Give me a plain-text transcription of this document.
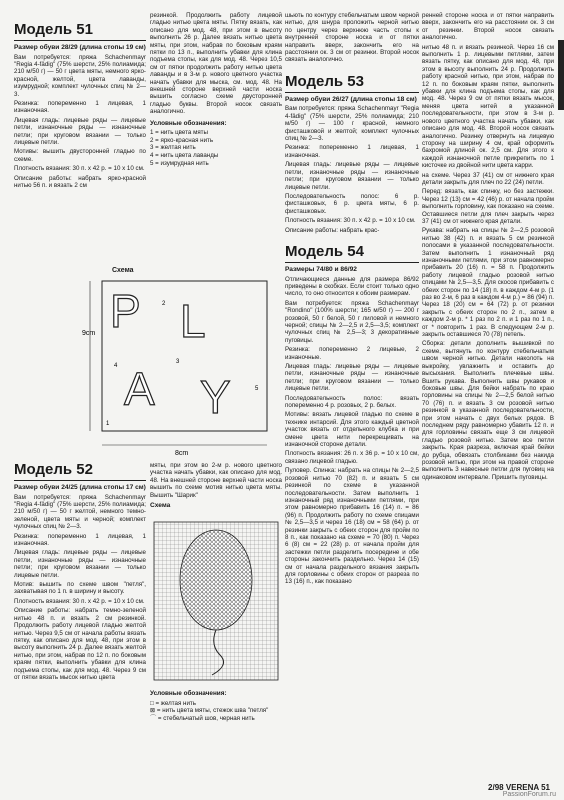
Модель 51
Размер обуви 28/29 (длина стопы 19 см)

Вам потребуется: пряжа Schachenmayr "Regia 4-fädig" (75% шерсти, 25% полиамида; 210 м/50 г) — 50 г цвета мяты, немного ярко-красной, желтой, цвета лаванды, изумрудной; комплект чулочных спиц № 2—3.

Резинка: попеременно 1 лицевая, 1 изнаночная.

Лицевая гладь: лицевые ряды — лицевые петли, изнаночные ряды — изнаночные петли; при круговом вязании — только лицевые петли.

Мотивы: вышить двусторонней гладью по схеме.

Плотность вязания: 30 п. х 42 р. = 10 х 10 см.

Описание работы: набрать ярко-красной нитью 56 п. и вязать 2 см

резинкой. Продолжить работу лицевой гладью нитью цвета мяты. Пятку вязать, как описано для мод. 48, при этом в высоту выполнить 26 р. Далее вязать нитью цвета мяты, при этом, набрав по боковым краям пятки по 13 п., выполнить убавки для клина подъема стопы, как для мод. 48. Через 10,5 см от пятки продолжить работу нитью цвета лаванды и в 3-м р. нового цветного участка начать убавки для мыска, см. мод. 48. На внешней стороне верхней части носка вышить согласно схеме двусторонней гладью буквы. Второй носок связать аналогично.

Условные обозначения:
1 = нить цвета мяты
2 = ярко-красная нить
3 = желтая нить
4 = нить цвета лаванды
5 = изумрудная нить
Схема
9cm
8cm
P L
A Y
2
3
4
5
1
Модель 52
Размер обуви 24/25 (длина стопы 17 см)

Вам потребуется: пряжа Schachenmayr "Regia 4-fädig" (75% шерсти, 25% полиамида; 210 м/50 г) — 50 г желтой, немного темно-зеленой, цвета мяты и черной; комплект чулочных спиц № 2—3.

Резинка: попеременно 1 лицевая, 1 изнаночная.

Лицевая гладь: лицевые ряды — лицевые петли, изнаночные ряды — изнаночные петли; при круговом вязании — только лицевые петли.

Мотив: вышить по схеме швом "петля", захватывая по 1 п. в ширину и высоту.

Плотность вязания: 30 п. х 42 р. = 10 х 10 см.

Описание работы: набрать темно-зеленой нитью 48 п. и вязать 2 см резинкой. Продолжить работу лицевой гладью желтой нитью. Через 9,5 см от начала работы вязать пятку, как описано для мод. 48, при этом в высоту выполнить 24 р. Далее вязать желтой нитью, при этом, набрав по 12 п. по боковым краям пятки, выполнить убавки для клина подъема стопы, как для мод. 48. Через 9 см от пятки вязать мысок нитью цвета

мяты, при этом во 2-м р. нового цветного участка начать убавки, как описано для мод. 48. На внешней стороне верхней части носка вышить по схеме мотив нитью цвета мяты. Вышить "Шарик"

Схема
Условные обозначения:
□ = желтая нить
⊠ = нить цвета мяты, стежок шва "петля"
⌒ = стебельчатый шов, черная нить

шьють по контуру стебельчатым швом черной нитью, для шнура проложить черной нитью по центру через верхнюю часть стопы к внутренней стороне носка и от пятки направить вверх, закончить его на расстоянии ок. 3 см от резинки. Второй носок связать аналогично.

Модель 53
Размер обуви 26/27 (длина стопы 18 см)

Вам потребуется: пряжа Schachenmayr "Regia 4-fädig" (75% шерсти, 25% полиамида; 210 м/50 г) — 100 г красной, немного фисташковой и желтой; комплект чулочных спиц № 2—3.

Резинка: попеременно 1 лицевая, 1 изнаночная.

Лицевая гладь: лицевые ряды — лицевые петли, изнаночные ряды — изнаночные петли; при круговом вязании — только лицевые петли.

Последовательность полос: 6 р. фисташковых, 6 р. цвета мяты, 6 р. фисташковых.

Плотность вязания: 30 п. х 42 р. = 10 х 10 см.

Описание работы: набрать крас-

Модель 54
Размеры 74/80 и 86/92

Отличающиеся данные для размера 86/92 приведены в скобках. Если стоит только одно число, то оно относится к обоим размерам.

Вам потребуется: пряжа Schachenmayr "Rondino" (100% шерсти; 165 м/50 г) — 200 г розовой, 50 г белой, 50 г лиловой и немного черной; спицы № 2—2,5 и 2,5—3,5; комплект чулочных спиц № 2,5—3; 3 декоративные пуговицы.

Резинка: попеременно 2 лицевые, 2 изнаночные.

Лицевая гладь: лицевые ряды — лицевые петли, изнаночные ряды — изнаночные петли; при круговом вязании — только лицевые петли.

Последовательность полос: вязать попеременно 4 р. розовых, 2 р. белых.

Мотивы: вязать лицевой гладью по схеме в технике интарсий. Для этого каждый цветной участок вязать от отдельного клубка и при смене цвета нити перекрещивать на изнаночной стороне детали.

Плотность вязания: 26 п. х 36 р. = 10 х 10 см, связано лицевой гладью.

Пуловер. Спинка: набрать на спицы № 2—2,5 розовой нитью 70 (82) п. и вязать 5 см резинкой по схеме в указанной последовательности. Затем выполнить 1 изнаночный ряд изнаночными петлями, при этом равномерно прибавить 16 (14) п. = 86 (96) п. Продолжить работу по схеме спицами № 2,5—3,5 и через 16 (18) см = 58 (64) р. от резинки закрыть с обеих сторон для пройм по 8 п., как показано на схеме = 70 (80) п. Через 6 (8) см = 22 (28) р. от начала пройм для застежки петли разделить посередине и обе стороны закончить раздельно. Через 14 (15) см от начала раздельного вязания закрыть для горловины с обеих сторон от разреза по 13 (16) п., как показано

ренней стороне носка и от пятки направить вверх, закончить его на расстоянии ок. 3 см от резинки. Второй носок связать аналогично.

нитью 48 п. и вязать резинкой. Через 16 см выполнить 1 р. лицевыми петлями, затем вязать пятку, как описано для мод. 48, при этом в высоту выполнить 24 р. Продолжить работу красной нитью, при этом, набрав по 12 п. по боковым краям пятки, выполнить убавки для клина подъема стопы, как для мод. 48. Через 9 см от пятки вязать мысок, меняя цвета нитей в указанной последовательности, при этом в 3-м р. нового цветного участка начать убавки, как описано для мод. 48. Второй носок связать аналогично. Резинку отвернуть на лицевую сторону на ширину 4 см, край оформить бахромой длиной ок. 2,5 см. Для этого к каждой изнаночной петле прикрепить по 1 кисточке из двойной нити цвета карри.

на схеме. Через 37 (41) см от нижнего края детали закрыть для плеч по 22 (24) петли.

Перед: вязать, как спинку, но без застежки. Через 12 (13) см = 42 (46) р. от начала пройм выполнить горловину, как показано на схеме. Оставшиеся петли для плеч закрыть через 37 (41) см от нижнего края детали.

Рукава: набрать на спицы № 2—2,5 розовой нитью 38 (42) п. и вязать 5 см резинкой полосами в указанной последовательности. Затем выполнить 1 изнаночный ряд изнаночными петлями, при этом равномерно прибавить 20 (16) п. = 58 п. Продолжить работу лицевой гладью розовой нитью спицами № 2,5—3,5. Для скосов прибавить с обеих сторон по 14 (18) п. в каждом 4-м р. (1 раз во 2-м, 6 раз в каждом 4-м р.) = 86 (94) п. Через 18 (20) см = 64 (72) р. от резинки закрыть с обеих сторон по 2 п., затем в каждом 2-м р. * 1 раз по 2 п. и 1 раз по 1 п., от * повторить 1 раз. В следующем 2-м р. закрыть оставшиеся 70 (78) петель.

Сборка: детали дополнить вышивкой по схеме, вытянуть по контуру стебельчатым швом черной нитью. Детали наколоть на выкройку, увлажнить и оставить до высыхания. Выполнить плечевые швы. Вшить рукава. Выполнить швы рукавов и боковые швы. Для бейки набрать по краю горловины на спицы № 2—2,5 белой нитью 70 (76) п. и вязать 3 см розовой нитью резинкой в указанной последовательности, при этом начать с двух белых рядов. В последнем ряду равномерно убавить 12 п. и для горловины связать еще 3 см лицевой гладью розовой нитью. Затем все петли закрыть. Края разреза, включая край бейки до рубца, обвязать столбиками без накида розовой нитью, при этом на правой стороне выполнить 3 навесные петли для пуговиц на одинаковом интервале. Пришить пуговицы.

2/98 VERENA 51
PassionForum.ru
